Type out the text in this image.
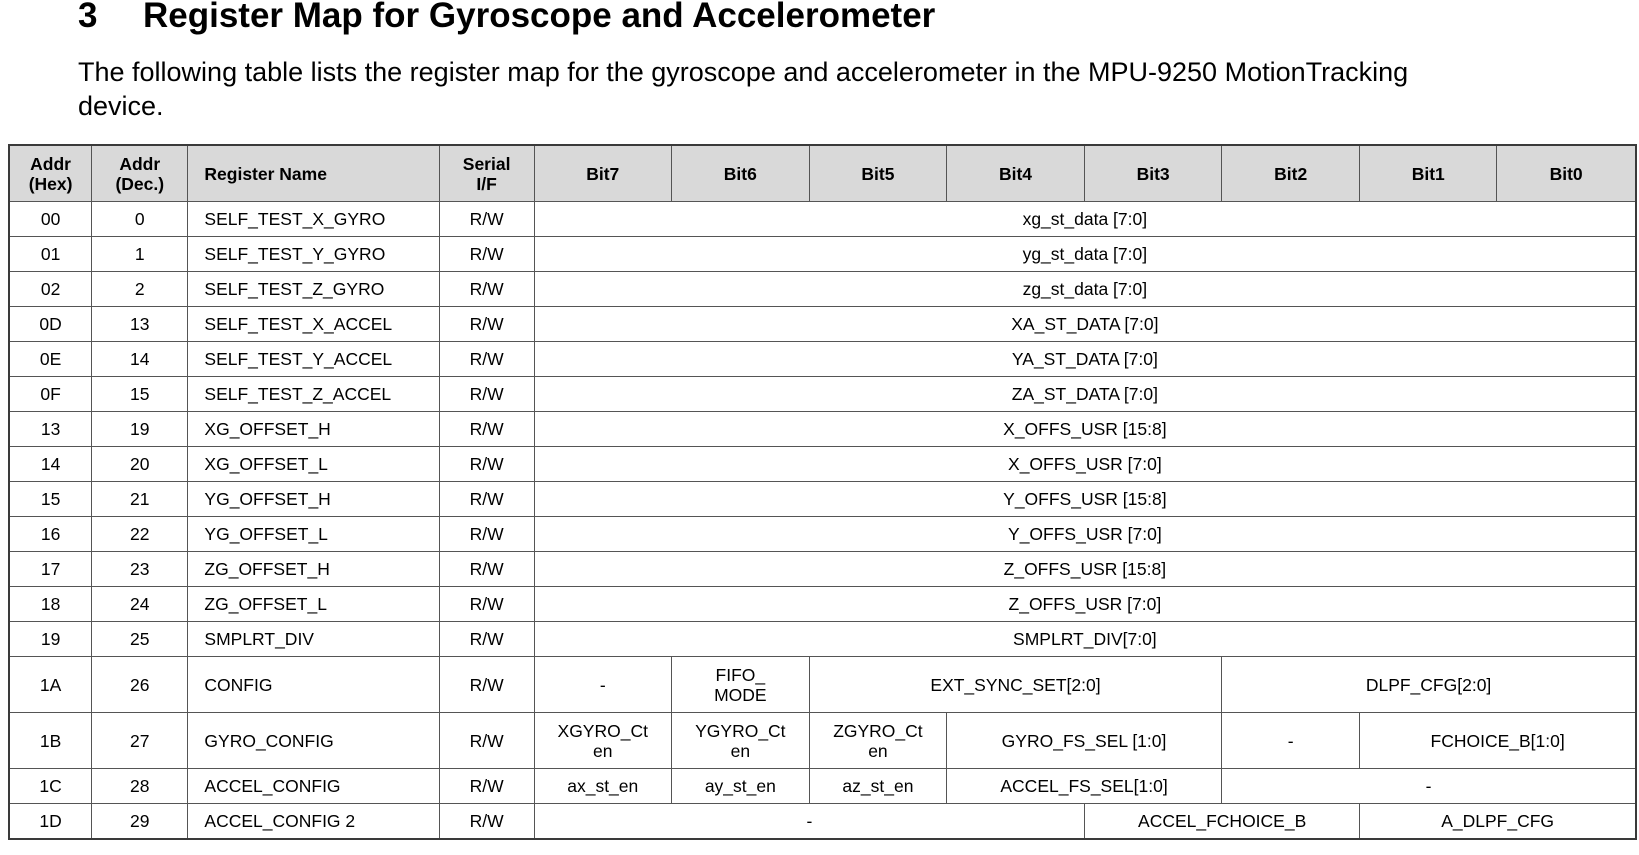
3 Register Map for Gyroscope and Accelerometer

The following table lists the register map for the gyroscope and accelerometer in the MPU-9250 MotionTracking device.

Addr
(Hex)	Addr
(Dec.)	Register Name	Serial
I/F	Bit7	Bit6	Bit5	Bit4	Bit3	Bit2	Bit1	Bit0
00	0	SELF_TEST_X_GYRO	R/W	xg_st_data [7:0]							
01	1	SELF_TEST_Y_GYRO	R/W	yg_st_data [7:0]							
02	2	SELF_TEST_Z_GYRO	R/W	zg_st_data [7:0]							
0D	13	SELF_TEST_X_ACCEL	R/W	XA_ST_DATA [7:0]							
0E	14	SELF_TEST_Y_ACCEL	R/W	YA_ST_DATA [7:0]							
0F	15	SELF_TEST_Z_ACCEL	R/W	ZA_ST_DATA [7:0]							
13	19	XG_OFFSET_H	R/W	X_OFFS_USR [15:8]							
14	20	XG_OFFSET_L	R/W	X_OFFS_USR [7:0]							
15	21	YG_OFFSET_H	R/W	Y_OFFS_USR [15:8]							
16	22	YG_OFFSET_L	R/W	Y_OFFS_USR [7:0]							
17	23	ZG_OFFSET_H	R/W	Z_OFFS_USR [15:8]							
18	24	ZG_OFFSET_L	R/W	Z_OFFS_USR [7:0]							
19	25	SMPLRT_DIV	R/W	SMPLRT_DIV[7:0]							
1A	26	CONFIG	R/W	-	FIFO_
MODE	EXT_SYNC_SET[2:0]			DLPF_CFG[2:0]		
1B	27	GYRO_CONFIG	R/W	XGYRO_Ct
en	YGYRO_Ct
en	ZGYRO_Ct
en	GYRO_FS_SEL [1:0]		-	FCHOICE_B[1:0]	
1C	28	ACCEL_CONFIG	R/W	ax_st_en	ay_st_en	az_st_en	ACCEL_FS_SEL[1:0]		-		
1D	29	ACCEL_CONFIG 2	R/W	-				ACCEL_FCHOICE_B		A_DLPF_CFG	
